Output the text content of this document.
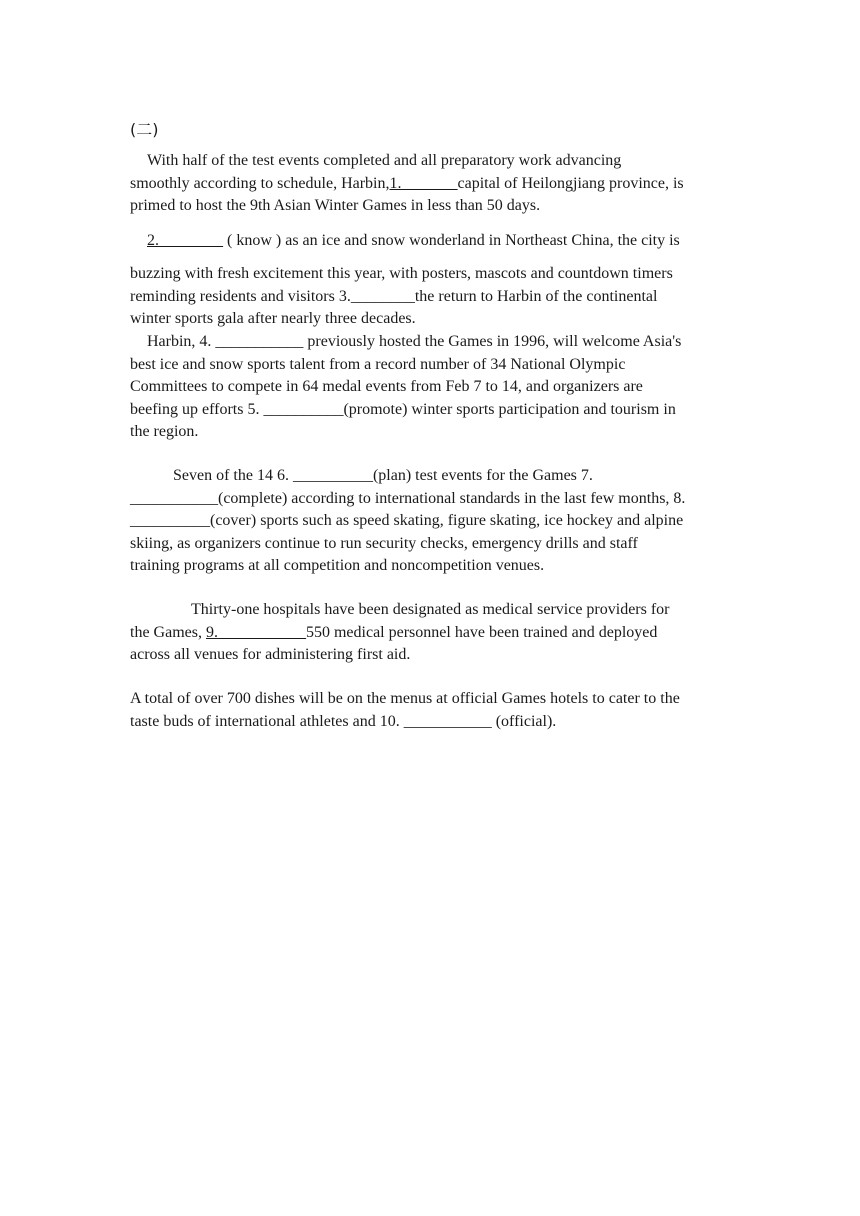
(二)
With half of the test events completed and all preparatory work advancing
smoothly according to schedule, Harbin,1._______capital of Heilongjiang province, is
primed to host the 9th Asian Winter Games in less than 50 days.
2.________ ( know ) as an ice and snow wonderland in Northeast China, the city is
buzzing with fresh excitement this year, with posters, mascots and countdown timers
reminding residents and visitors 3.________the return to Harbin of the continental
winter sports gala after nearly three decades.
Harbin, 4. ___________ previously hosted the Games in 1996, will welcome Asia's
best ice and snow sports talent from a record number of 34 National Olympic
Committees to compete in 64 medal events from Feb 7 to 14, and organizers are
beefing up efforts 5. __________(promote) winter sports participation and tourism in
the region.
Seven of the 14 6. __________(plan) test events for the Games 7.
___________(complete) according to international standards in the last few months, 8.
__________(cover) sports such as speed skating, figure skating, ice hockey and alpine
skiing, as organizers continue to run security checks, emergency drills and staff
training programs at all competition and noncompetition venues.
Thirty-one hospitals have been designated as medical service providers for
the Games, 9.___________550 medical personnel have been trained and deployed
across all venues for administering first aid.
A total of over 700 dishes will be on the menus at official Games hotels to cater to the
taste buds of international athletes and 10. ___________ (official).
